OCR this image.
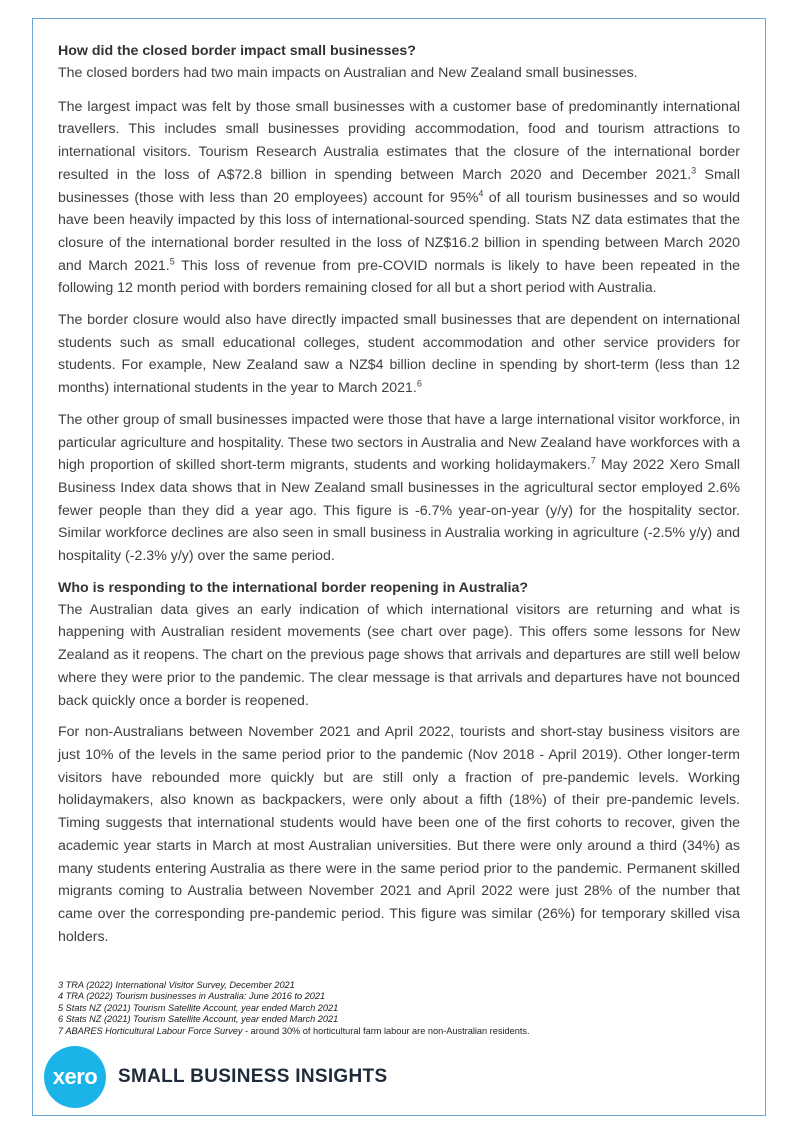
How did the closed border impact small businesses?

The closed borders had two main impacts on Australian and New Zealand small businesses.

The largest impact was felt by those small businesses with a customer base of predominantly international travellers. This includes small businesses providing accommodation, food and tourism attractions to international visitors. Tourism Research Australia estimates that the closure of the international border resulted in the loss of A$72.8 billion in spending between March 2020 and December 2021.$^3$ Small businesses (those with less than 20 employees) account for 95%$^4$ of all tourism businesses and so would have been heavily impacted by this loss of international-sourced spending. Stats NZ data estimates that the closure of the international border resulted in the loss of NZ$16.2 billion in spending between March 2020 and March 2021.$^5$ This loss of revenue from pre-COVID normals is likely to have been repeated in the following 12 month period with borders remaining closed for all but a short period with Australia.

The border closure would also have directly impacted small businesses that are dependent on international students such as small educational colleges, student accommodation and other service providers for students. For example, New Zealand saw a NZ$4 billion decline in spending by short-term (less than 12 months) international students in the year to March 2021.$^6$

The other group of small businesses impacted were those that have a large international visitor workforce, in particular agriculture and hospitality. These two sectors in Australia and New Zealand have workforces with a high proportion of skilled short-term migrants, students and working holidaymakers.$^7$ May 2022 Xero Small Business Index data shows that in New Zealand small businesses in the agricultural sector employed 2.6% fewer people than they did a year ago. This figure is -6.7% year-on-year (y/y) for the hospitality sector. Similar workforce declines are also seen in small business in Australia working in agriculture (-2.5% y/y) and hospitality (-2.3% y/y) over the same period.

Who is responding to the international border reopening in Australia?

The Australian data gives an early indication of which international visitors are returning and what is happening with Australian resident movements (see chart over page). This offers some lessons for New Zealand as it reopens. The chart on the previous page shows that arrivals and departures are still well below where they were prior to the pandemic. The clear message is that arrivals and departures have not bounced back quickly once a border is reopened.

For non-Australians between November 2021 and April 2022, tourists and short-stay business visitors are just 10% of the levels in the same period prior to the pandemic (Nov 2018 - April 2019). Other longer-term visitors have rebounded more quickly but are still only a fraction of pre-pandemic levels. Working holidaymakers, also known as backpackers, were only about a fifth (18%) of their pre-pandemic levels. Timing suggests that international students would have been one of the first cohorts to recover, given the academic year starts in March at most Australian universities. But there were only around a third (34%) as many students entering Australia as there were in the same period prior to the pandemic. Permanent skilled migrants coming to Australia between November 2021 and April 2022 were just 28% of the number that came over the corresponding pre-pandemic period. This figure was similar (26%) for temporary skilled visa holders.

3 TRA (2022) International Visitor Survey, December 2021
4 TRA (2022) Tourism businesses in Australia: June 2016 to 2021
5 Stats NZ (2021) Tourism Satellite Account, year ended March 2021
6 Stats NZ (2021) Tourism Satellite Account, year ended March 2021
7 ABARES Horticultural Labour Force Survey - around 30% of horticultural farm labour are non-Australian residents.
xero SMALL BUSINESS INSIGHTS
